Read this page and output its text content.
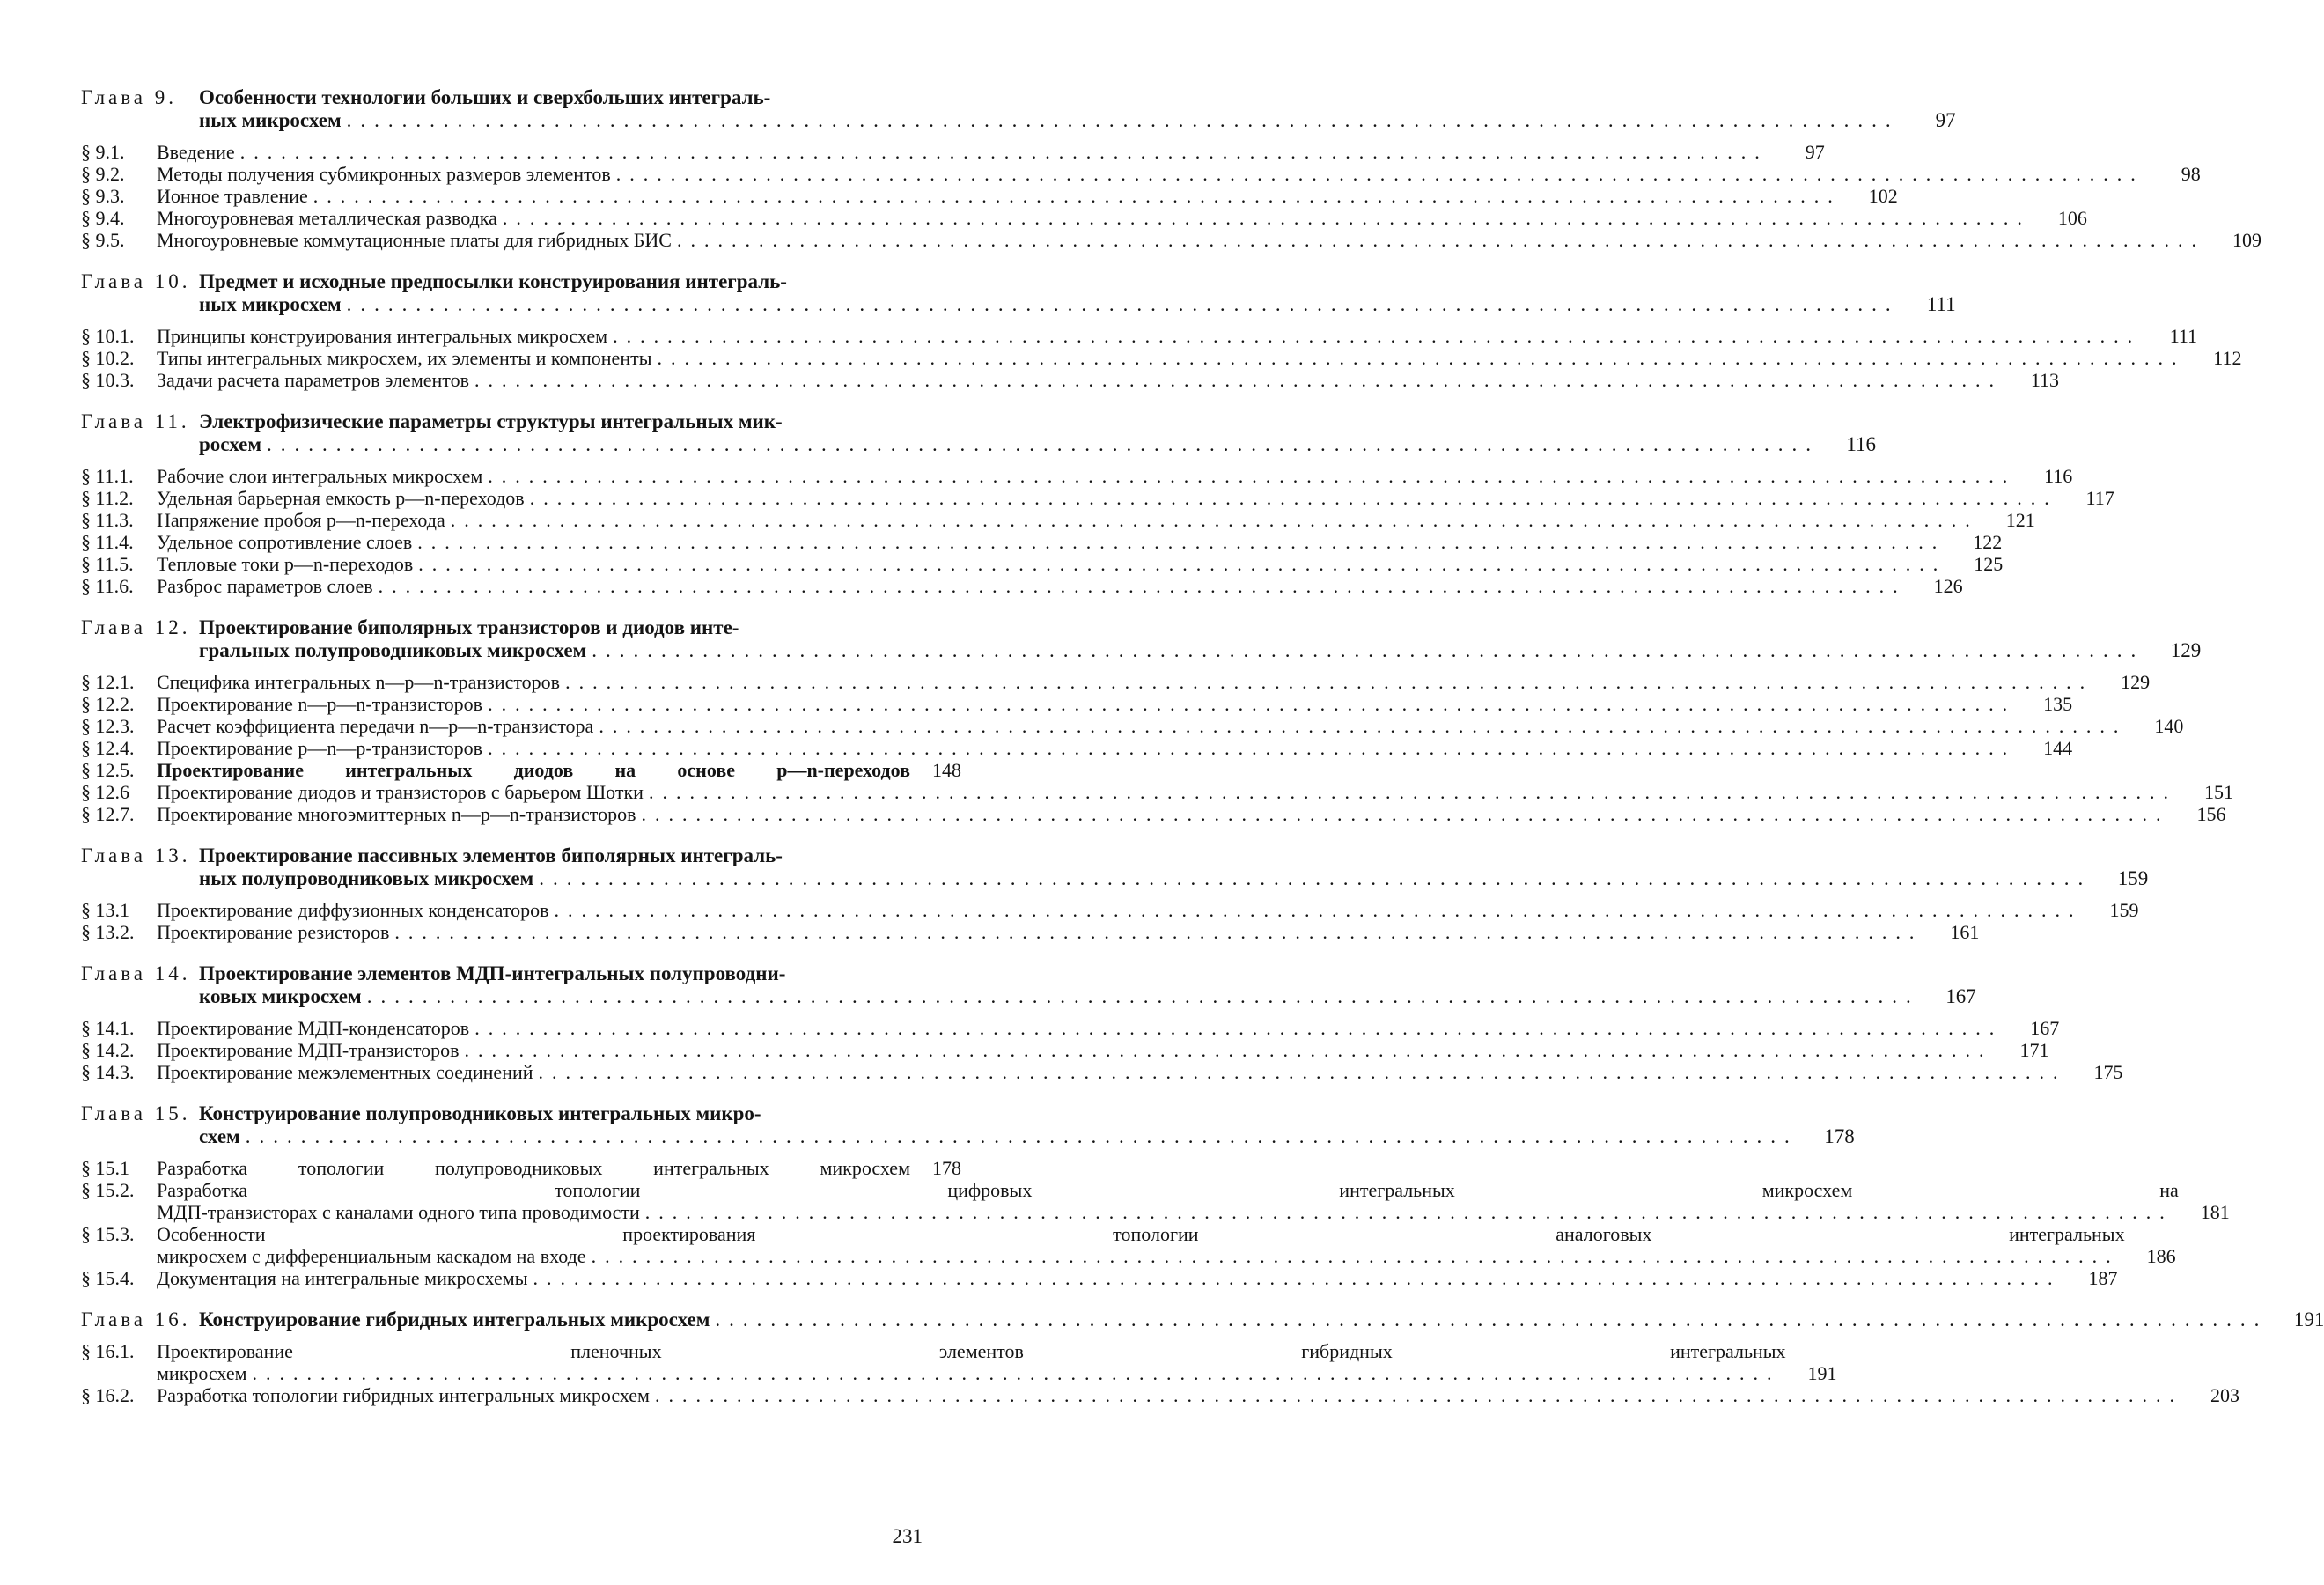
Глава 9.	Особенности технологии больших и сверхбольших интеграль-
ных микросхем .....	97
§ 9.1.	Введение .....	97
§ 9.2.	Методы получения субмикронных размеров элементов .....	98
§ 9.3.	Ионное травление .....	102
§ 9.4.	Многоуровневая металлическая разводка .....	106
§ 9.5.	Многоуровневые коммутационные платы для гибридных БИС .....	109
Глава 10. Предмет и исходные предпосылки конструирования интеграль-
ных микросхем .....	111
§ 10.1.	Принципы конструирования интегральных микросхем .....	111
§ 10.2.	Типы интегральных микросхем, их элементы и компоненты .....	112
§ 10.3.	Задачи расчета параметров элементов .....	113
Глава 11. Электрофизические параметры структуры интегральных мик-
росхем .....	116
§ 11.1.	Рабочие слои интегральных микросхем .....	116
§ 11.2.	Удельная барьерная емкость p—n-переходов .....	117
§ 11.3.	Напряжение пробоя p—n-перехода .....	121
§ 11.4.	Удельное сопротивление слоев .....	122
§ 11.5.	Тепловые токи p—n-переходов .....	125
§ 11.6.	Разброс параметров слоев .....	126
Глава 12. Проектирование биполярных транзисторов и диодов инте-
гральных полупроводниковых микросхем .....	129
§ 12.1.	Специфика интегральных n—p—n-транзисторов .....	129
§ 12.2.	Проектирование n—p—n-транзисторов .....	135
§ 12.3.	Расчет коэффициента передачи n—p—n-транзистора .....	140
§ 12.4.	Проектирование p—n—p-транзисторов .....	144
§ 12.5.	Проектирование интегральных диодов на основе p—n-переходов	148
§ 12.6	Проектирование диодов и транзисторов с барьером Шотки .....	151
§ 12.7.	Проектирование многоэмиттерных n—p—n-транзисторов .....	156
Глава 13. Проектирование пассивных элементов биполярных интеграль-
ных полупроводниковых микросхем .....	159
§ 13.1	Проектирование диффузионных конденсаторов .....	159
§ 13.2.	Проектирование резисторов .....	161
Глава 14. Проектирование элементов МДП-интегральных полупроводни-
ковых микросхем .....	167
§ 14.1.	Проектирование МДП-конденсаторов .....	167
§ 14.2.	Проектирование МДП-транзисторов .....	171
§ 14.3.	Проектирование межэлементных соединений .....	175
Глава 15. Конструирование полупроводниковых интегральных микро-
схем .....	178
§ 15.1	Разработка топологии полупроводниковых интегральных микросхем	178
§ 15.2.	Разработка топологии цифровых интегральных микросхем на
МДП-транзисторах с каналами одного типа проводимости .....	181
§ 15.3.	Особенности проектирования топологии аналоговых интегральных
микросхем с дифференциальным каскадом на входе .....	186
§ 15.4.	Документация на интегральные микросхемы .....	187
Глава 16. Конструирование гибридных интегральных микросхем .....	191
§ 16.1.	Проектирование пленочных элементов гибридных интегральных
микросхем .....	191
§ 16.2.	Разработка топологии гибридных интегральных микросхем .....	203
231
